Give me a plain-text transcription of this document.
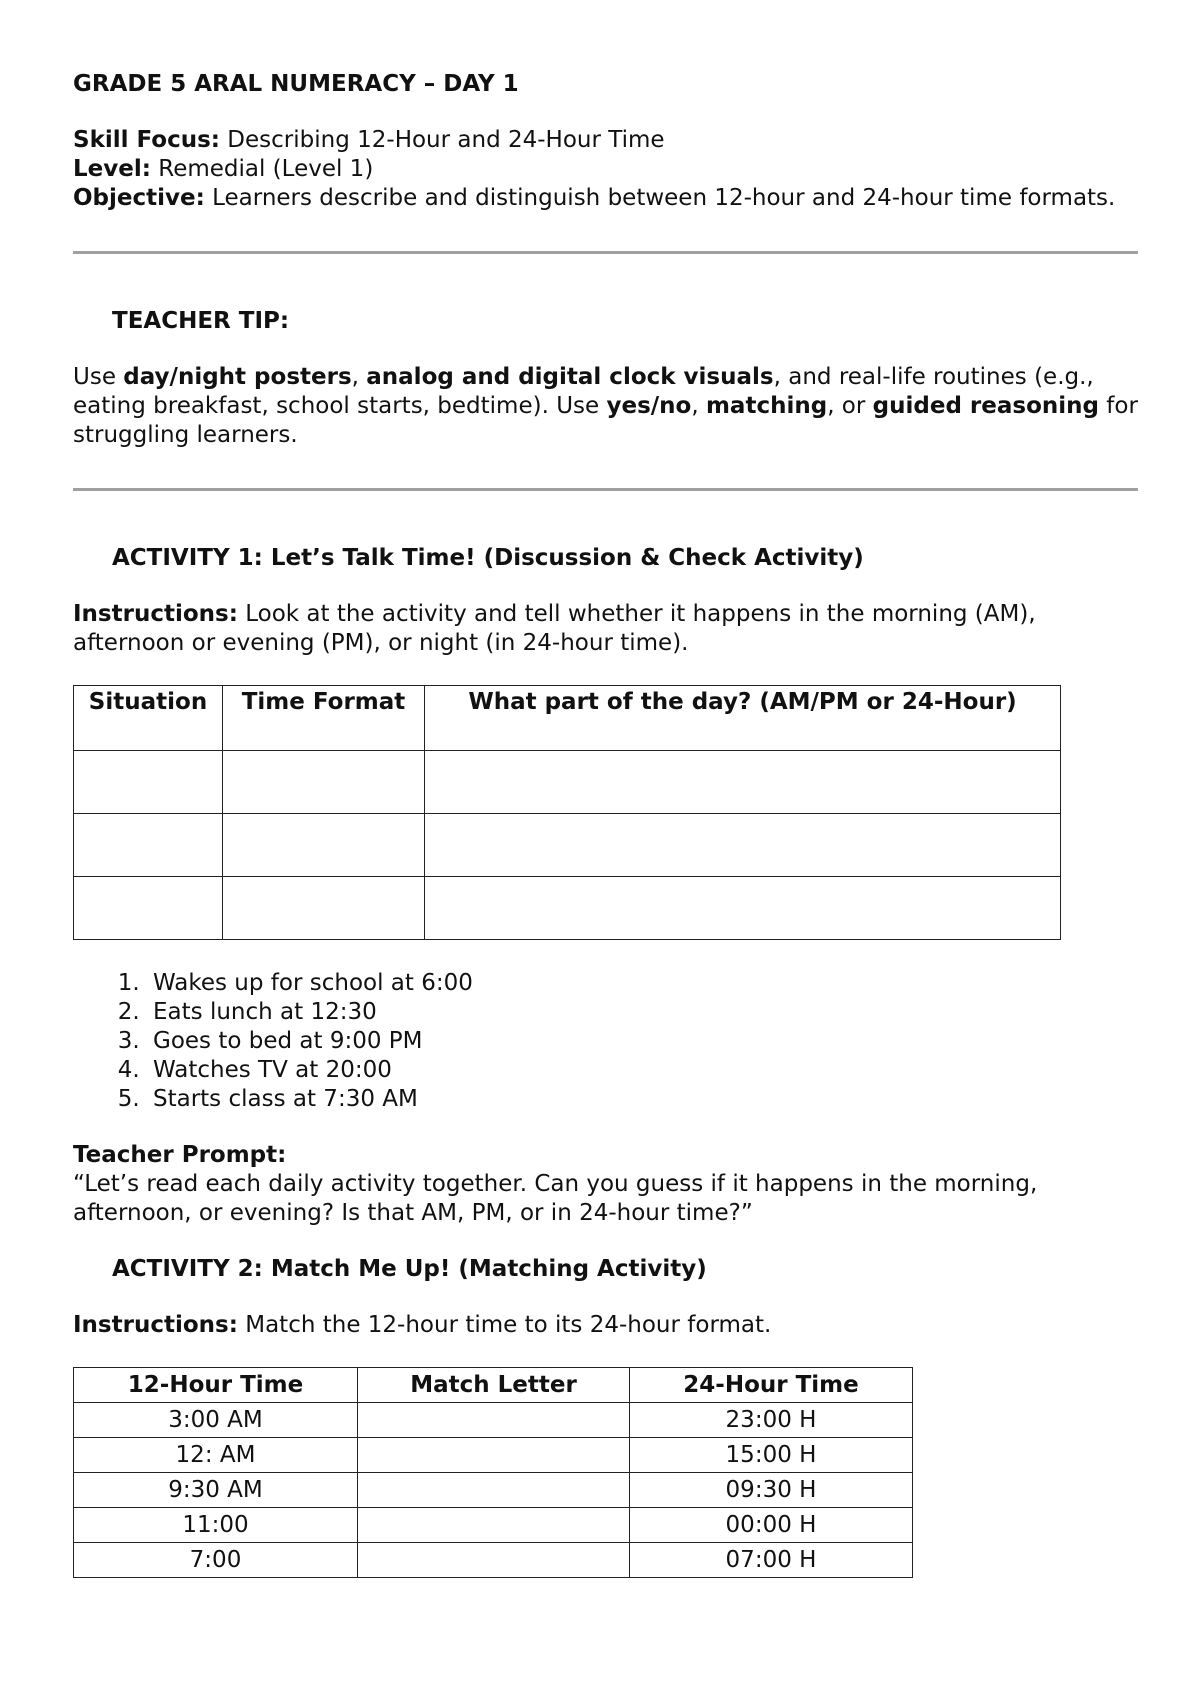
GRADE 5 ARAL NUMERACY – DAY 1

Skill Focus: Describing 12-Hour and 24-Hour Time

Level: Remedial (Level 1)

Objective: Learners describe and distinguish between 12-hour and 24-hour time formats.

TEACHER TIP:

Use day/night posters, analog and digital clock visuals, and real-life routines (e.g., eating breakfast, school starts, bedtime). Use yes/no, matching, or guided reasoning for struggling learners.

ACTIVITY 1: Let’s Talk Time! (Discussion & Check Activity)

Instructions: Look at the activity and tell whether it happens in the morning (AM), afternoon or evening (PM), or night (in 24-hour time).

Situation	Time Format	What part of the day? (AM/PM or 24-Hour)

1. Wakes up for school at 6:00
2. Eats lunch at 12:30
3. Goes to bed at 9:00 PM
4. Watches TV at 20:00
5. Starts class at 7:30 AM

Teacher Prompt:

“Let’s read each daily activity together. Can you guess if it happens in the morning, afternoon, or evening? Is that AM, PM, or in 24-hour time?”

ACTIVITY 2: Match Me Up! (Matching Activity)

Instructions: Match the 12-hour time to its 24-hour format.

12-Hour Time	Match Letter	24-Hour Time
3:00 AM		23:00 H
12: AM		15:00 H
9:30 AM		09:30 H
11:00		00:00 H
7:00		07:00 H
